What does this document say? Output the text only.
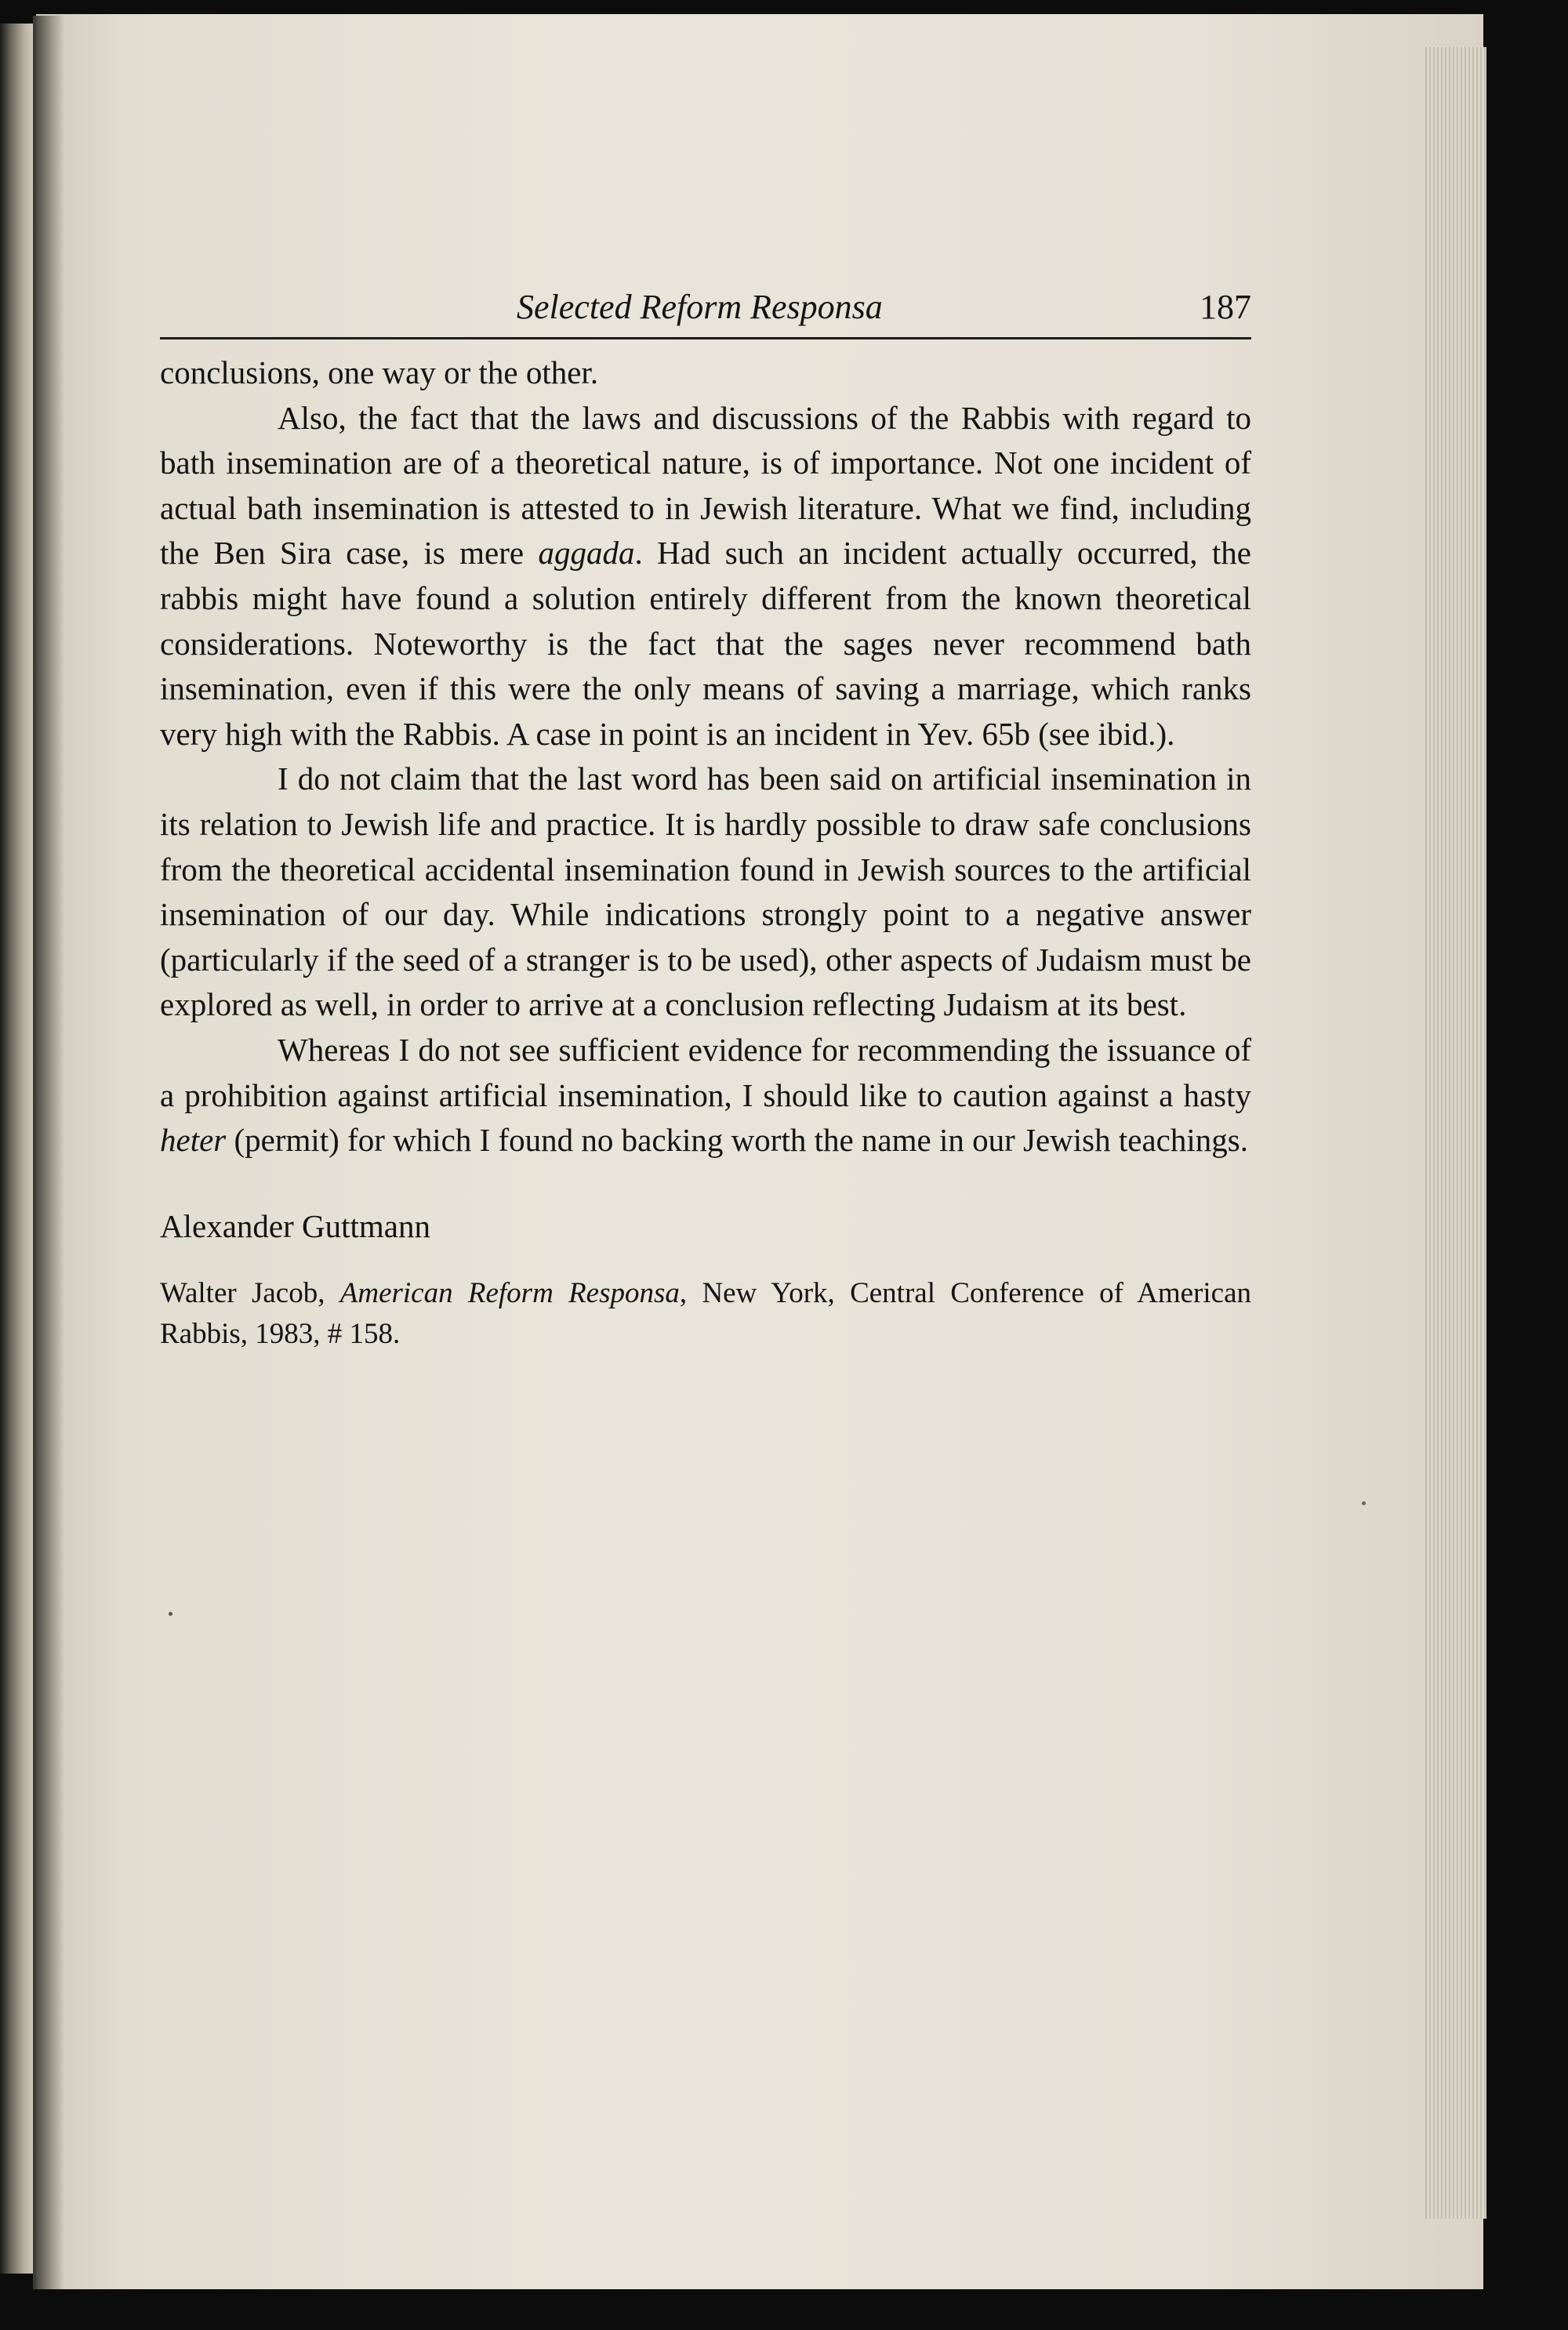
Selected Reform Responsa	187

conclusions, one way or the other.

Also, the fact that the laws and discussions of the Rabbis with regard to bath insemination are of a theoretical nature, is of importance. Not one incident of actual bath insemination is attested to in Jewish literature. What we find, including the Ben Sira case, is mere aggada. Had such an incident actually occurred, the rabbis might have found a solution entirely different from the known theoretical considerations. Noteworthy is the fact that the sages never recommend bath insemination, even if this were the only means of saving a marriage, which ranks very high with the Rabbis. A case in point is an incident in Yev. 65b (see ibid.).

I do not claim that the last word has been said on artificial insemination in its relation to Jewish life and practice. It is hardly possible to draw safe conclusions from the theoretical accidental insemination found in Jewish sources to the artificial insemination of our day. While indications strongly point to a negative answer (particularly if the seed of a stranger is to be used), other aspects of Judaism must be explored as well, in order to arrive at a conclusion reflecting Judaism at its best.

Whereas I do not see sufficient evidence for recommending the issuance of a prohibition against artificial insemination, I should like to caution against a hasty heter (permit) for which I found no backing worth the name in our Jewish teachings.

Alexander Guttmann
Walter Jacob, American Reform Responsa, New York, Central Conference of American Rabbis, 1983, # 158.
